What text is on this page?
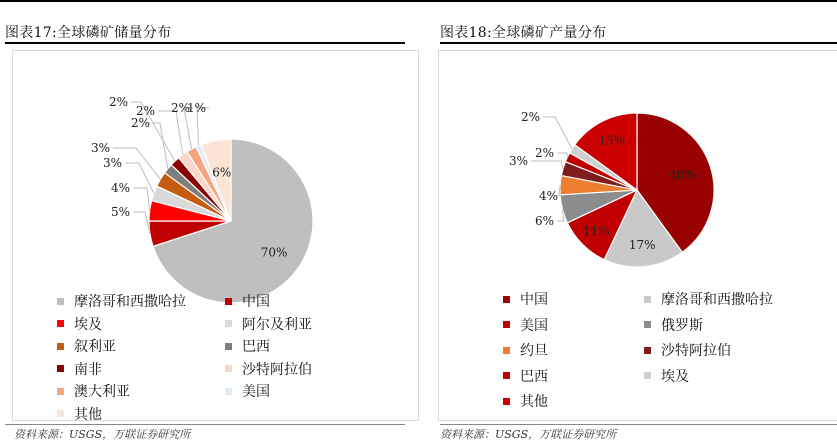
图表17:全球磷矿储量分布	图表18:全球磷矿产量分布
70%
5%
4%
3%
3%
2%
2%
2% 2%
1%
6%
摩洛哥和西撒哈拉	中国
埃及	阿尔及利亚
叙利亚	巴西
南非	沙特阿拉伯
澳大利亚	美国
其他
40%
17%
11%
6%
4%
3%
2%
2%
15%
中国	摩洛哥和西撒哈拉
美国	俄罗斯
约旦	沙特阿拉伯
巴西	埃及
其他
资料来源：USGS，万联证券研究所	资料来源：USGS，万联证券研究所
